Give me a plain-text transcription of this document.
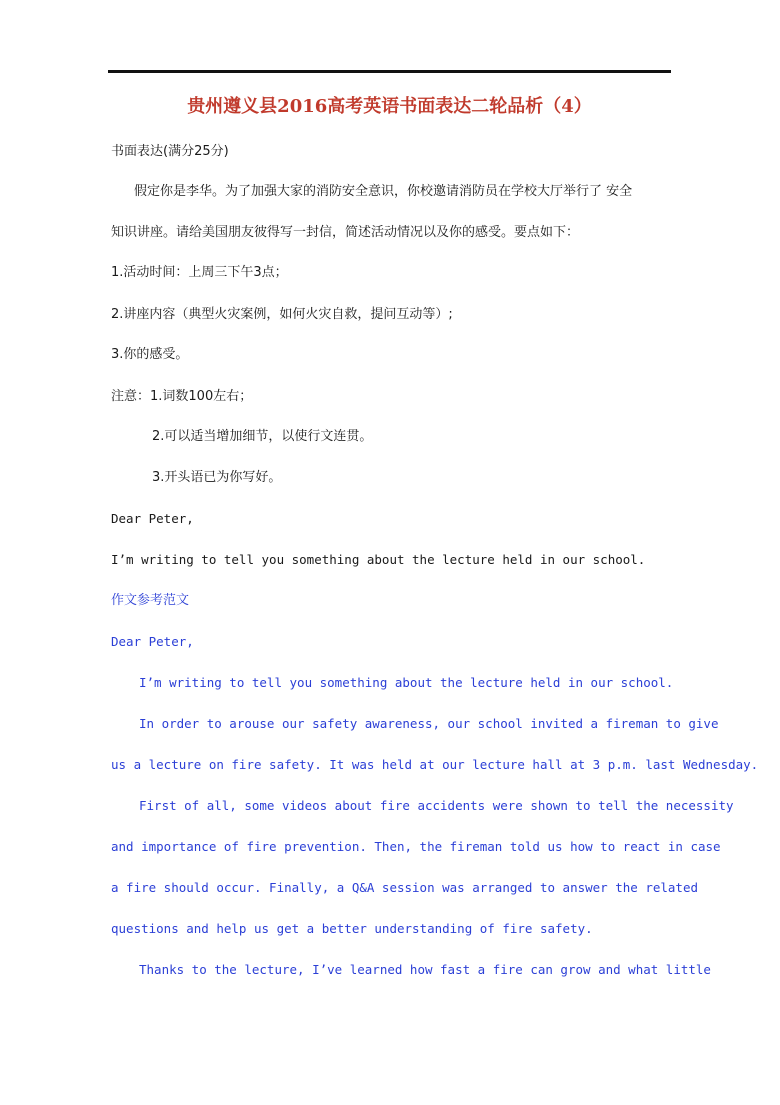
贵州遵义县2016高考英语书面表达二轮品析（4）
书面表达(满分25分)
假定你是李华。为了加强大家的消防安全意识，你校邀请消防员在学校大厅举行了 安全
知识讲座。请给美国朋友彼得写一封信，简述活动情况以及你的感受。要点如下：
1.活动时间：上周三下午3点；
2.讲座内容（典型火灾案例，如何火灾自救，提问互动等）;
3.你的感受。
注意：1.词数100左右；
2.可以适当增加细节，以使行文连贯。
3.开头语已为你写好。
Dear Peter,
I’m writing to tell you something about the lecture held in our school.
作文参考范文
Dear Peter,
I’m writing to tell you something about the lecture held in our school.
In order to arouse our safety awareness, our school invited a fireman to give
us a lecture on fire safety. It was held at our lecture hall at 3 p.m. last Wednesday.
First of all, some videos about fire accidents were shown to tell the necessity
and importance of fire prevention. Then, the fireman told us how to react in case
a fire should occur. Finally, a Q&A session was arranged to answer the related
questions and help us get a better understanding of fire safety.
Thanks to the lecture, I’ve learned how fast a fire can grow and what little
